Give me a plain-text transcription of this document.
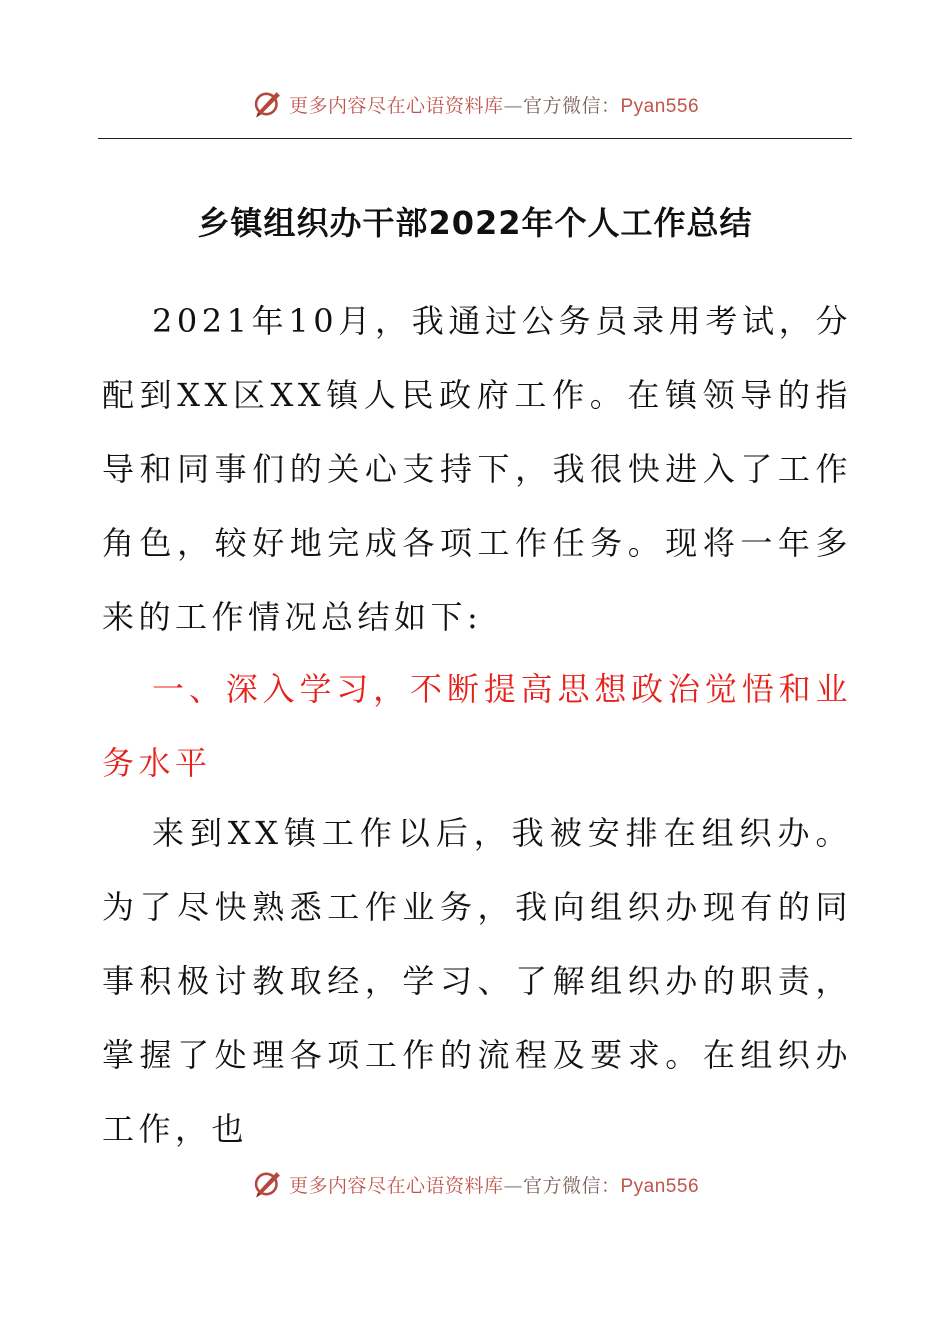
更多内容尽在心语资料库—官方微信：Pyan556
乡镇组织办干部2022年个人工作总结

2021年10月，我通过公务员录用考试，分配到XX区XX镇人民政府工作。在镇领导的指导和同事们的关心支持下，我很快进入了工作角色，较好地完成各项工作任务。现将一年多来的工作情况总结如下:

一、深入学习，不断提高思想政治觉悟和业务水平

来到XX镇工作以后，我被安排在组织办。为了尽快熟悉工作业务，我向组织办现有的同事积极讨教取经，学习、了解组织办的职责，掌握了处理各项工作的流程及要求。在组织办工作，也

更多内容尽在心语资料库—官方微信：Pyan556
